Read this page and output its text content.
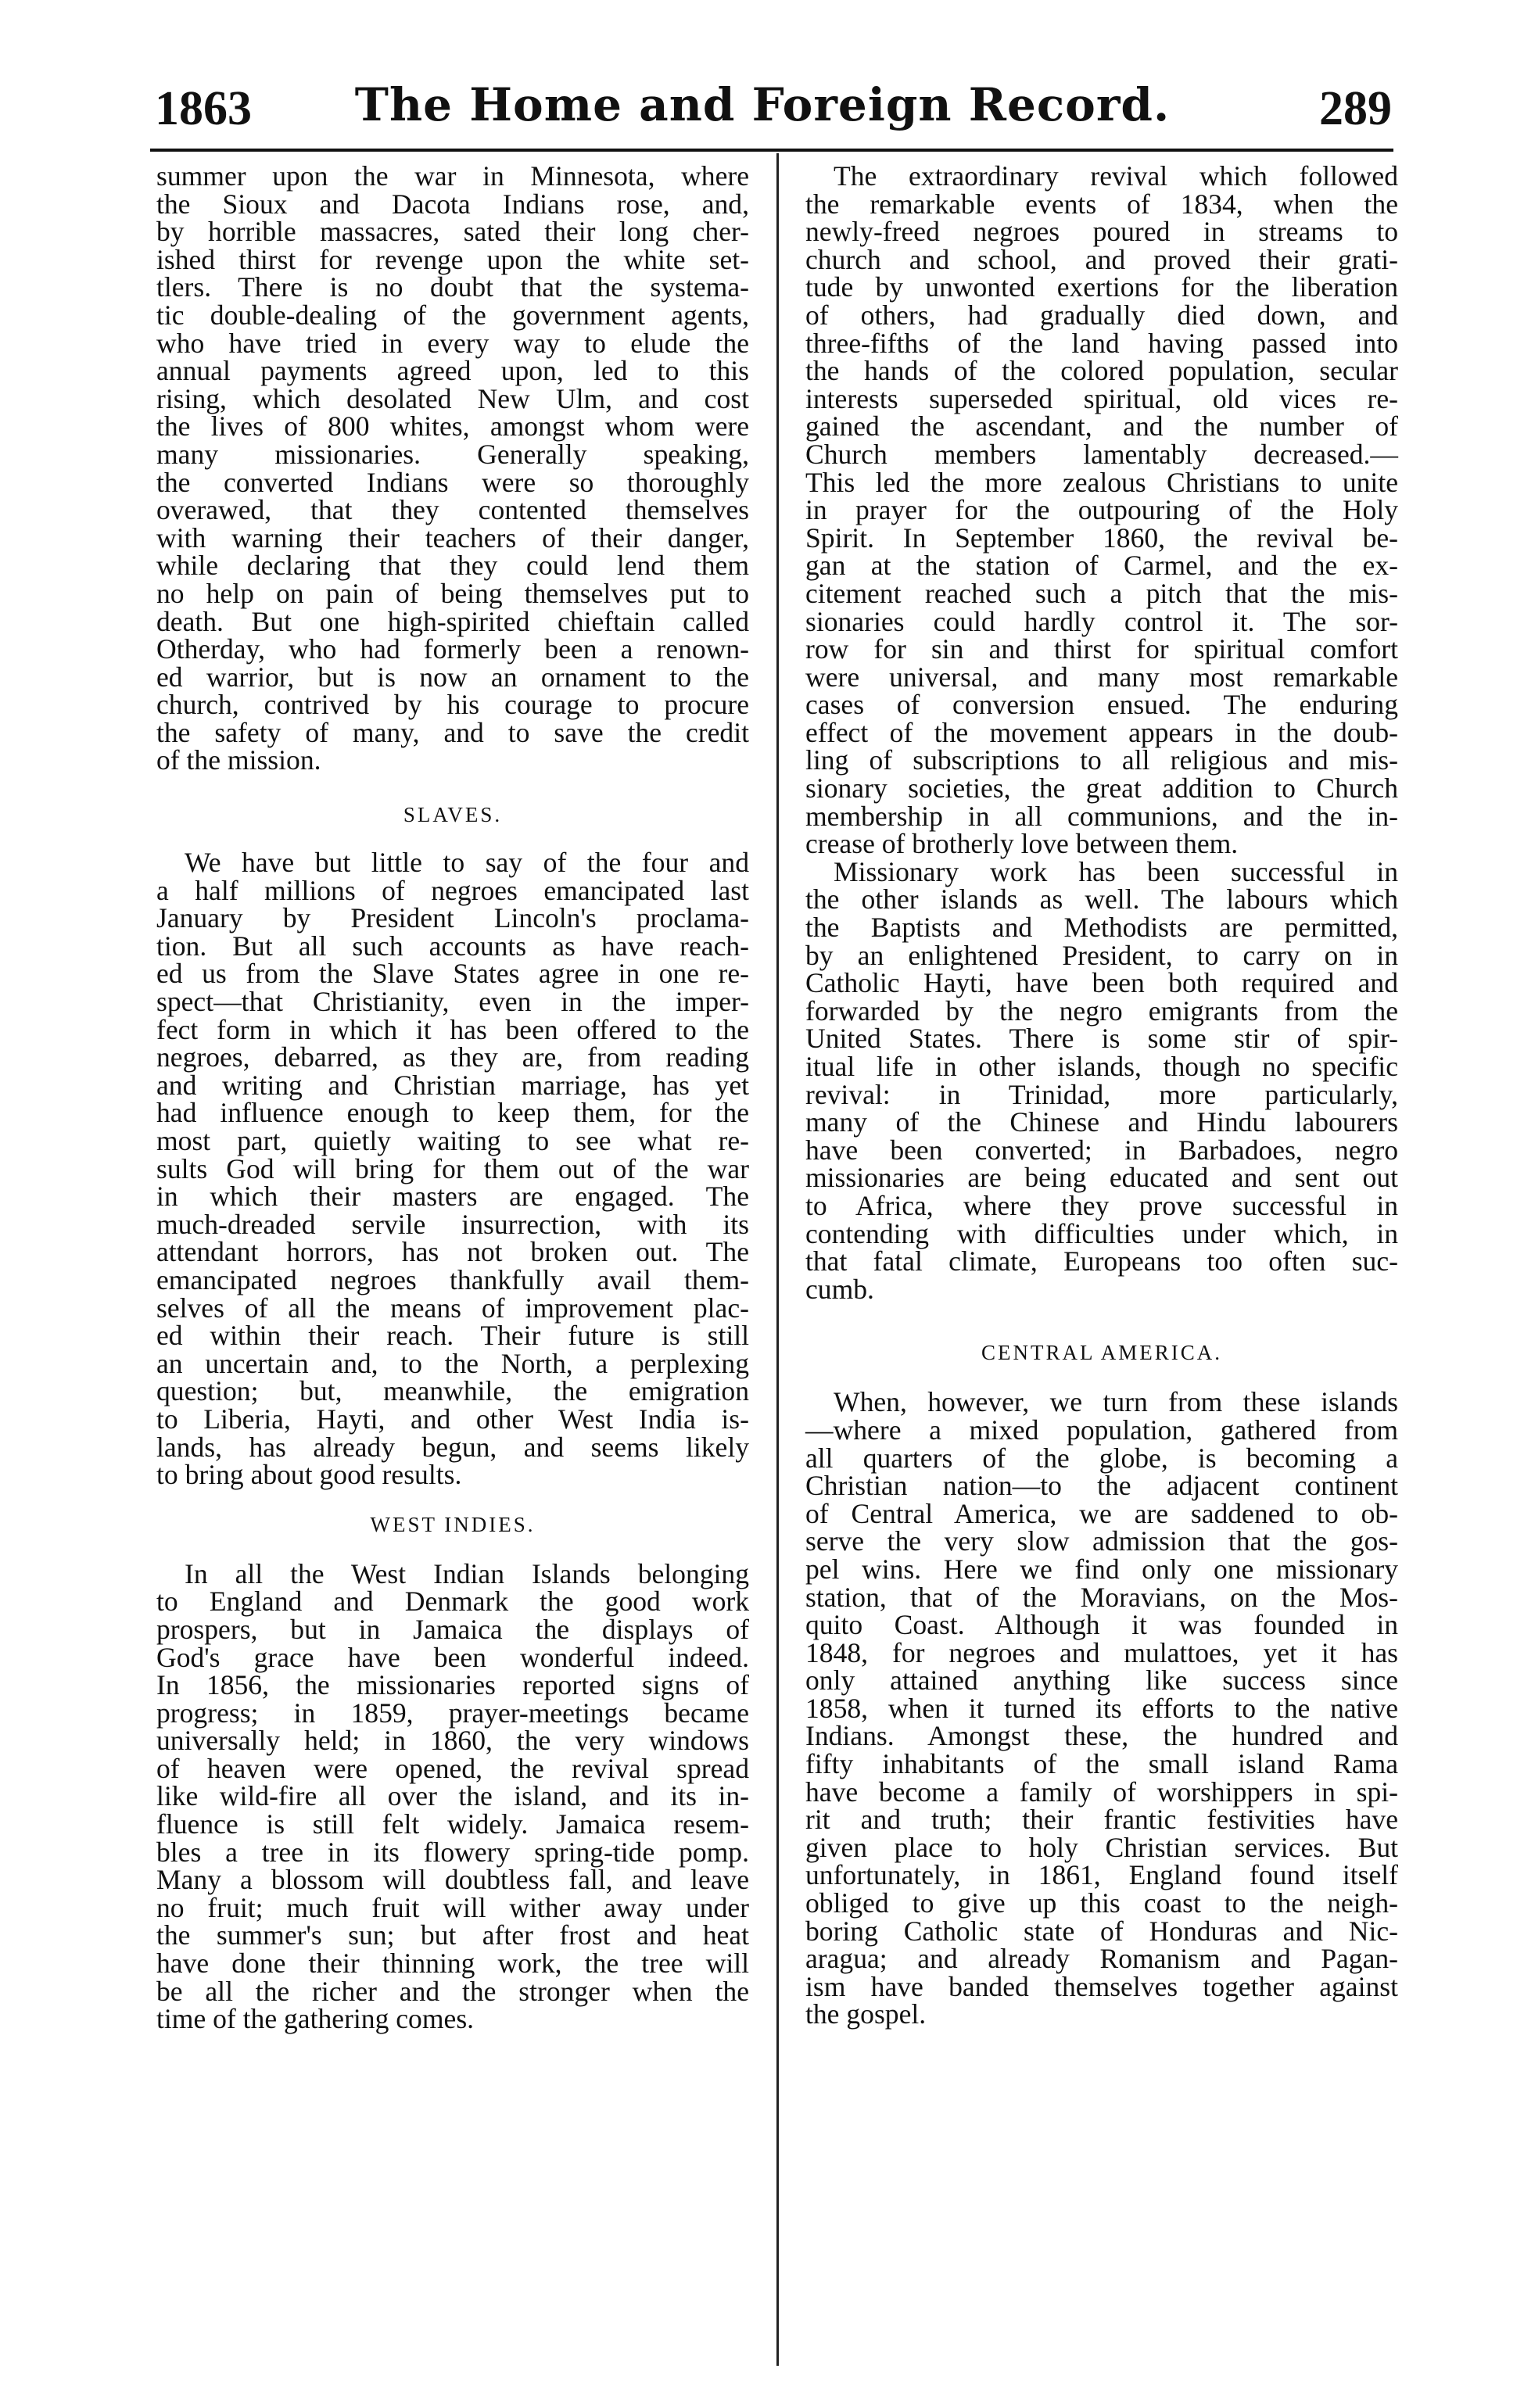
1863	The Home and Foreign Record.	289
summer upon the war in Minnesota, where
the Sioux and Dacota Indians rose, and,
by horrible massacres, sated their long cher-
ished thirst for revenge upon the white set-
tlers. There is no doubt that the systema-
tic double-dealing of the government agents,
who have tried in every way to elude the
annual payments agreed upon, led to this
rising, which desolated New Ulm, and cost
the lives of 800 whites, amongst whom were
many missionaries. Generally speaking,
the converted Indians were so thoroughly
overawed, that they contented themselves
with warning their teachers of their danger,
while declaring that they could lend them
no help on pain of being themselves put to
death. But one high-spirited chieftain called
Otherday, who had formerly been a renown-
ed warrior, but is now an ornament to the
church, contrived by his courage to procure
the safety of many, and to save the credit
of the mission.

SLAVES.

We have but little to say of the four and
a half millions of negroes emancipated last
January by President Lincoln's proclama-
tion. But all such accounts as have reach-
ed us from the Slave States agree in one re-
spect—that Christianity, even in the imper-
fect form in which it has been offered to the
negroes, debarred, as they are, from reading
and writing and Christian marriage, has yet
had influence enough to keep them, for the
most part, quietly waiting to see what re-
sults God will bring for them out of the war
in which their masters are engaged. The
much-dreaded servile insurrection, with its
attendant horrors, has not broken out. The
emancipated negroes thankfully avail them-
selves of all the means of improvement plac-
ed within their reach. Their future is still
an uncertain and, to the North, a perplexing
question; but, meanwhile, the emigration
to Liberia, Hayti, and other West India is-
lands, has already begun, and seems likely
to bring about good results.

WEST INDIES.

In all the West Indian Islands belonging
to England and Denmark the good work
prospers, but in Jamaica the displays of
God's grace have been wonderful indeed.
In 1856, the missionaries reported signs of
progress; in 1859, prayer-meetings became
universally held; in 1860, the very windows
of heaven were opened, the revival spread
like wild-fire all over the island, and its in-
fluence is still felt widely. Jamaica resem-
bles a tree in its flowery spring-tide pomp.
Many a blossom will doubtless fall, and leave
no fruit; much fruit will wither away under
the summer's sun; but after frost and heat
have done their thinning work, the tree will
be all the richer and the stronger when the
time of the gathering comes.
The extraordinary revival which followed
the remarkable events of 1834, when the
newly-freed negroes poured in streams to
church and school, and proved their grati-
tude by unwonted exertions for the liberation
of others, had gradually died down, and
three-fifths of the land having passed into
the hands of the colored population, secular
interests superseded spiritual, old vices re-
gained the ascendant, and the number of
Church members lamentably decreased.—
This led the more zealous Christians to unite
in prayer for the outpouring of the Holy
Spirit. In September 1860, the revival be-
gan at the station of Carmel, and the ex-
citement reached such a pitch that the mis-
sionaries could hardly control it. The sor-
row for sin and thirst for spiritual comfort
were universal, and many most remarkable
cases of conversion ensued. The enduring
effect of the movement appears in the doub-
ling of subscriptions to all religious and mis-
sionary societies, the great addition to Church
membership in all communions, and the in-
crease of brotherly love between them.
Missionary work has been successful in
the other islands as well. The labours which
the Baptists and Methodists are permitted,
by an enlightened President, to carry on in
Catholic Hayti, have been both required and
forwarded by the negro emigrants from the
United States. There is some stir of spir-
itual life in other islands, though no specific
revival: in Trinidad, more particularly,
many of the Chinese and Hindu labourers
have been converted; in Barbadoes, negro
missionaries are being educated and sent out
to Africa, where they prove successful in
contending with difficulties under which, in
that fatal climate, Europeans too often suc-
cumb.

CENTRAL AMERICA.

When, however, we turn from these islands
—where a mixed population, gathered from
all quarters of the globe, is becoming a
Christian nation—to the adjacent continent
of Central America, we are saddened to ob-
serve the very slow admission that the gos-
pel wins. Here we find only one missionary
station, that of the Moravians, on the Mos-
quito Coast. Although it was founded in
1848, for negroes and mulattoes, yet it has
only attained anything like success since
1858, when it turned its efforts to the native
Indians. Amongst these, the hundred and
fifty inhabitants of the small island Rama
have become a family of worshippers in spi-
rit and truth; their frantic festivities have
given place to holy Christian services. But
unfortunately, in 1861, England found itself
obliged to give up this coast to the neigh-
boring Catholic state of Honduras and Nic-
aragua; and already Romanism and Pagan-
ism have banded themselves together against
the gospel.
